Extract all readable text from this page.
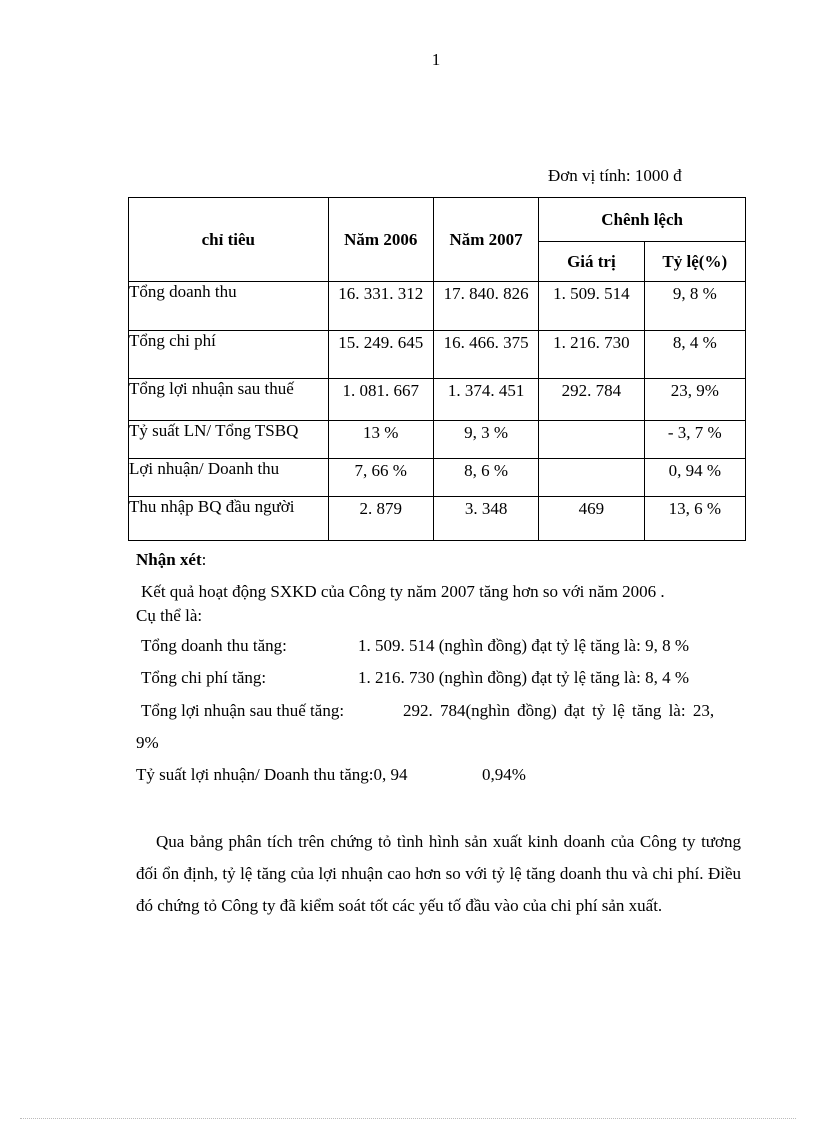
1
Đơn vị tính: 1000 đ
chỉ tiêu	Năm 2006	Năm 2007	Chênh lệch	
			Giá trị	Tỷ lệ(%)
Tổng doanh thu	16. 331. 312	17. 840. 826	1. 509. 514	9, 8 %
Tổng chi phí	15. 249. 645	16. 466. 375	1. 216. 730	8, 4 %
Tổng lợi nhuận sau thuế	1. 081. 667	1. 374. 451	292. 784	23, 9%
Tỷ suất LN/ Tổng TSBQ	13 %	9, 3 %		- 3, 7 %
Lợi nhuận/ Doanh thu	7, 66 %	8, 6 %		0, 94 %
Thu nhập BQ đầu người	2. 879	3. 348	469	13, 6 %
Nhận xét:
Kết quả hoạt động SXKD của Công ty năm 2007 tăng hơn so với năm 2006 .
Cụ thể là:
Tổng doanh thu tăng:	1. 509. 514 (nghìn đồng) đạt tỷ lệ tăng là: 9, 8 %
Tổng chi phí tăng:	1. 216. 730 (nghìn đồng) đạt tỷ lệ tăng là: 8, 4 %
Tổng lợi nhuận sau thuế tăng:	292. 784(nghìn đồng) đạt tỷ lệ tăng là: 23,
9%
Tỷ suất lợi nhuận/ Doanh thu tăng:0, 94	0,94%
Qua bảng phân tích trên chứng tỏ tình hình sản xuất kinh doanh của Công ty tương đối ổn định, tỷ lệ tăng của lợi nhuận cao hơn so với tỷ lệ tăng doanh thu và chi phí. Điều đó chứng tỏ Công ty đã kiểm soát tốt các yếu tố đầu vào của chi phí sản xuất.
